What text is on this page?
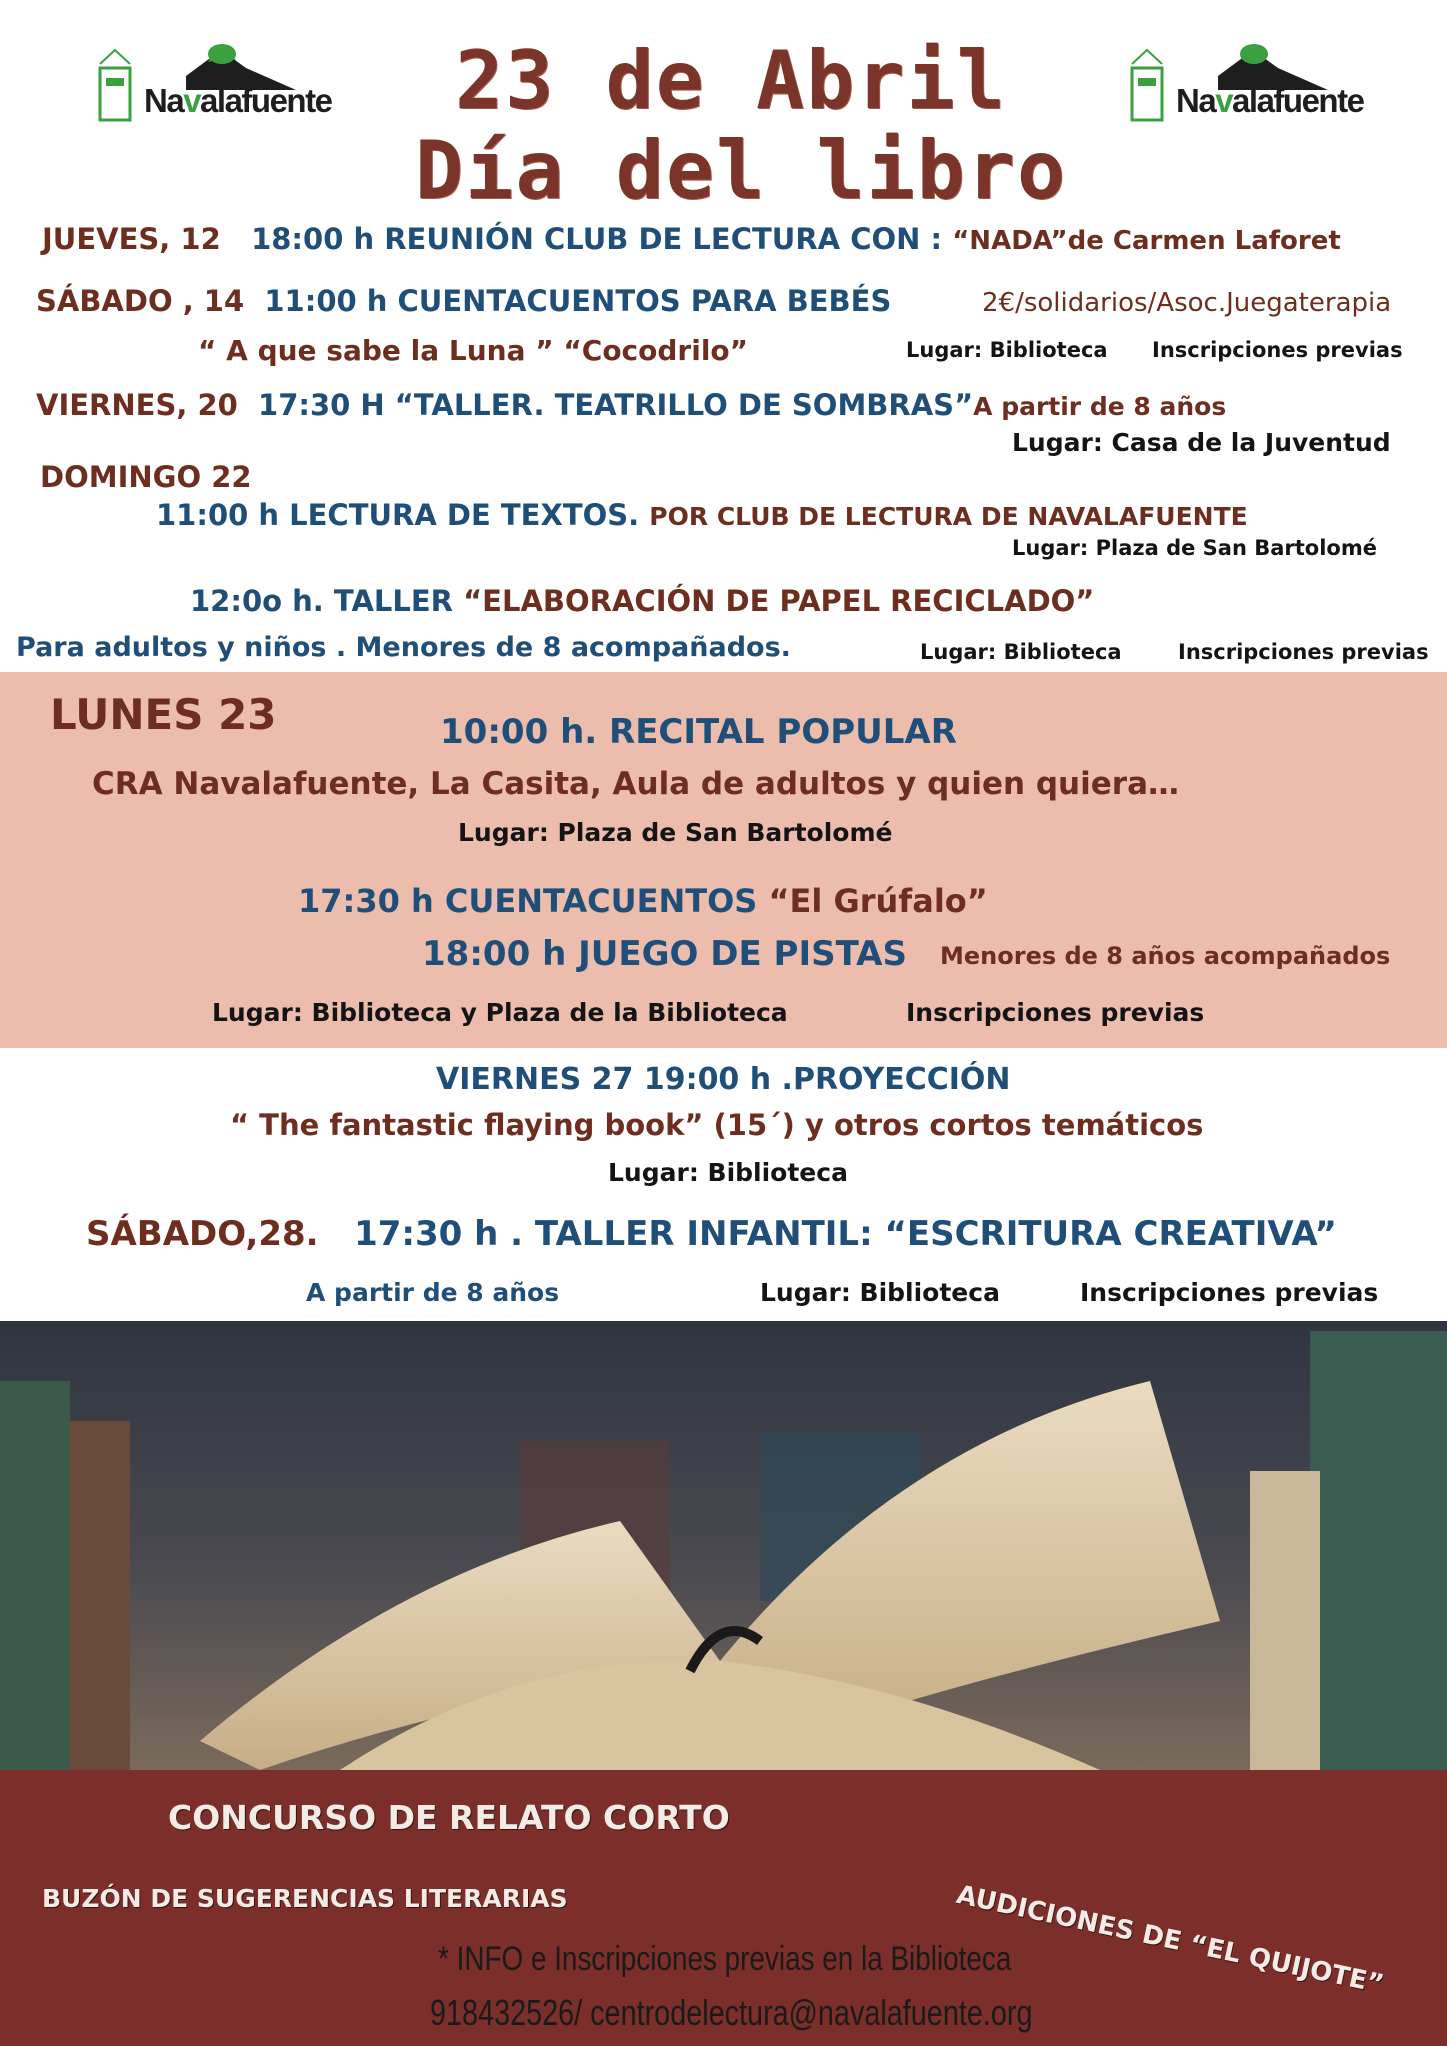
Navalafuente	Navalafuente
23 de Abril
Día del libro
JUEVES, 12 18:00 h REUNIÓN CLUB DE LECTURA CON : “NADA”de Carmen Laforet
SÁBADO , 14 11:00 h CUENTACUENTOS PARA BEBÉS	2€/solidarios/Asoc.Juegaterapia
“ A que sabe la Luna ” “Cocodrilo”	Lugar: Biblioteca Inscripciones previas
VIERNES, 20 17:30 H “TALLER. TEATRILLO DE SOMBRAS”A partir de 8 años
Lugar: Casa de la Juventud
DOMINGO 22
11:00 h LECTURA DE TEXTOS. POR CLUB DE LECTURA DE NAVALAFUENTE
Lugar: Plaza de San Bartolomé
12:0o h. TALLER “ELABORACIÓN DE PAPEL RECICLADO”
Para adultos y niños . Menores de 8 acompañados.	Lugar: Biblioteca	Inscripciones previas
LUNES 23	10:00 h. RECITAL POPULAR
CRA Navalafuente, La Casita, Aula de adultos y quien quiera…
Lugar: Plaza de San Bartolomé
17:30 h CUENTACUENTOS “El Grúfalo”
18:00 h JUEGO DE PISTAS Menores de 8 años acompañados
Lugar: Biblioteca y Plaza de la Biblioteca	Inscripciones previas
VIERNES 27 19:00 h .PROYECCIÓN
“ The fantastic flaying book” (15´) y otros cortos temáticos
Lugar: Biblioteca
SÁBADO,28. 17:30 h . TALLER INFANTIL: “ESCRITURA CREATIVA”
A partir de 8 años	Lugar: Biblioteca	Inscripciones previas
CONCURSO DE RELATO CORTO
BUZÓN DE SUGERENCIAS LITERARIAS	AUDICIONES DE “EL QUIJOTE”
* INFO e Inscripciones previas en la Biblioteca
918432526/ centrodelectura@navalafuente.org
